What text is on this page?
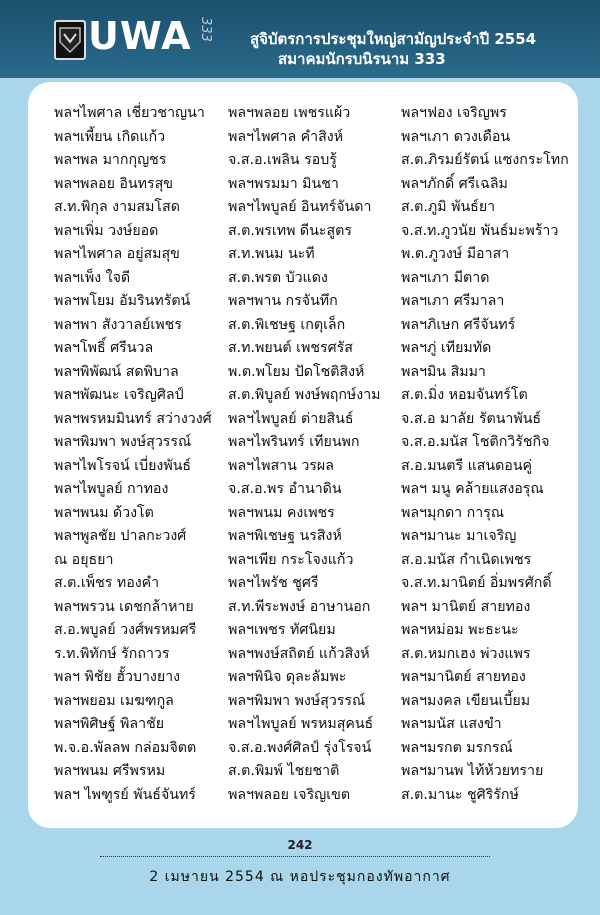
UWA 333 สูจิบัตรการประชุมใหญ่สามัญประจำปี 2554
สมาคมนักรบนิรนาม 333
พลฯไพศาล เชี่ยวชาญนา
พลฯเพี้ยน เกิดแก้ว
พลฯพล มากกุญชร
พลฯพลอย อินทรสุข
ส.ท.พิกุล งามสมโสด
พลฯเพิ่ม วงษ์ยอด
พลฯไพศาล อยู่สมสุข
พลฯเพ็ง ใจดี
พลฯพโยม อัมรินทรัตน์
พลฯพา สังวาลย์เพชร
พลฯโพธิ์ ศรีนวล
พลฯพิพัฒน์ สดพิบาล
พลฯพัฒนะ เจริญศิลป์
พลฯพรหมมินทร์ สว่างวงศ์
พลฯพิมพา พงษ์สุวรรณ์
พลฯไพโรจน์ เบี่ยงพันธ์
พลฯไพบูลย์ กาทอง
พลฯพนม ด้วงโต
พลฯพูลชัย ปาลกะวงศ์
ณ อยุธยา
ส.ต.เพ็ชร ทองคำ
พลฯพรวน เดชกล้าหาย
ส.อ.พบูลย์ วงศ์พรหมศรี
ร.ท.พิทักษ์ รักถาวร
พลฯ พิชัย ฮั้วบางยาง
พลฯพยอม เมฆฑกูล
พลฯพิศิษฐ์ พิลาชัย
พ.จ.อ.พัลลพ กล่อมจิตต
พลฯพนม ศรีพรหม
พลฯ ไพฑูรย์ พันธ์จันทร์
พลฯพลอย เพชรแผ้ว
พลฯไพศาล คำสิงห์
จ.ส.อ.เพลิน รอบรู้
พลฯพรมมา มินชา
พลฯไพบูลย์ อินทร์จันดา
ส.ต.พรเทพ ดีนะสูตร
ส.ท.พนม นะที
ส.ต.พรต บัวแดง
พลฯพาน กรจันทึก
ส.ต.พิเชษฐ เกตุเล็ก
ส.ท.พยนต์ เพชรศรัส
พ.ต.พโยม ปัดโชติสิงห์
ส.ต.พิบูลย์ พงษ์พฤกษ์งาม
พลฯไพบูลย์ ต่ายสินธ์
พลฯไพรินทร์ เทียนพก
พลฯไพสาน วรผล
จ.ส.อ.พร อำนาดิน
พลฯพนม คงเพชร
พลฯพิเชษฐ นรสิงห์
พลฯเพีย กระโจงแก้ว
พลฯไพรัช ชูศรี
ส.ท.พีระพงษ์ อาษานอก
พลฯเพชร ทัศนิยม
พลฯพงษ์สถิตย์ แก้วสิงห์
พลฯพินิจ ดุละลัมพะ
พลฯพิมพา พงษ์สุวรรณ์
พลฯไพบูลย์ พรหมสุคนธ์
จ.ส.อ.พงศ์ศิลป์ รุ่งโรจน์
ส.ต.พิมพ์ ไชยชาติ
พลฯพลอย เจริญเขต
พลฯฟอง เจริญพร
พลฯเภา ดวงเดือน
ส.ต.ภิรมย์รัตน์ แซงกระโทก
พลฯภักดิ์ ศรีเฉลิม
ส.ต.ภูมิ พันธ์ยา
จ.ส.ท.ภูวนัย พันธ์มะพร้าว
พ.ต.ภูวงษ์ มีอาสา
พลฯเภา มีตาด
พลฯเภา ศรีมาลา
พลฯภิเษก ศรีจันทร์
พลฯภู่ เทียมทัด
พลฯมิน สิมมา
ส.ต.มิ่ง หอมจันทร์โต
จ.ส.อ มาลัย รัตนาพันธ์
จ.ส.อ.มนัส โชติกวิรัชกิจ
ส.อ.มนตรี แสนดอนคู่
พลฯ มนู คล้ายแสงอรุณ
พลฯมุกดา การุณ
พลฯมานะ มาเจริญ
ส.อ.มนัส กำเนิดเพชร
จ.ส.ท.มานิตย์ อิ่มพรศักดิ์
พลฯ มานิตย์ สายทอง
พลฯหม่อม พะธะนะ
ส.ต.หมกเฮง พ่วงแพร
พลฯมานิตย์ สายทอง
พลฯมงคล เขียนเบี้ยม
พลฯมนัส แสงขำ
พลฯมรกต มรกรณ์
พลฯมานพ ไท้ห้วยทราย
ส.ต.มานะ ชูศิริรักษ์
242
2 เมษายน 2554 ณ หอประชุมกองทัพอากาศ
